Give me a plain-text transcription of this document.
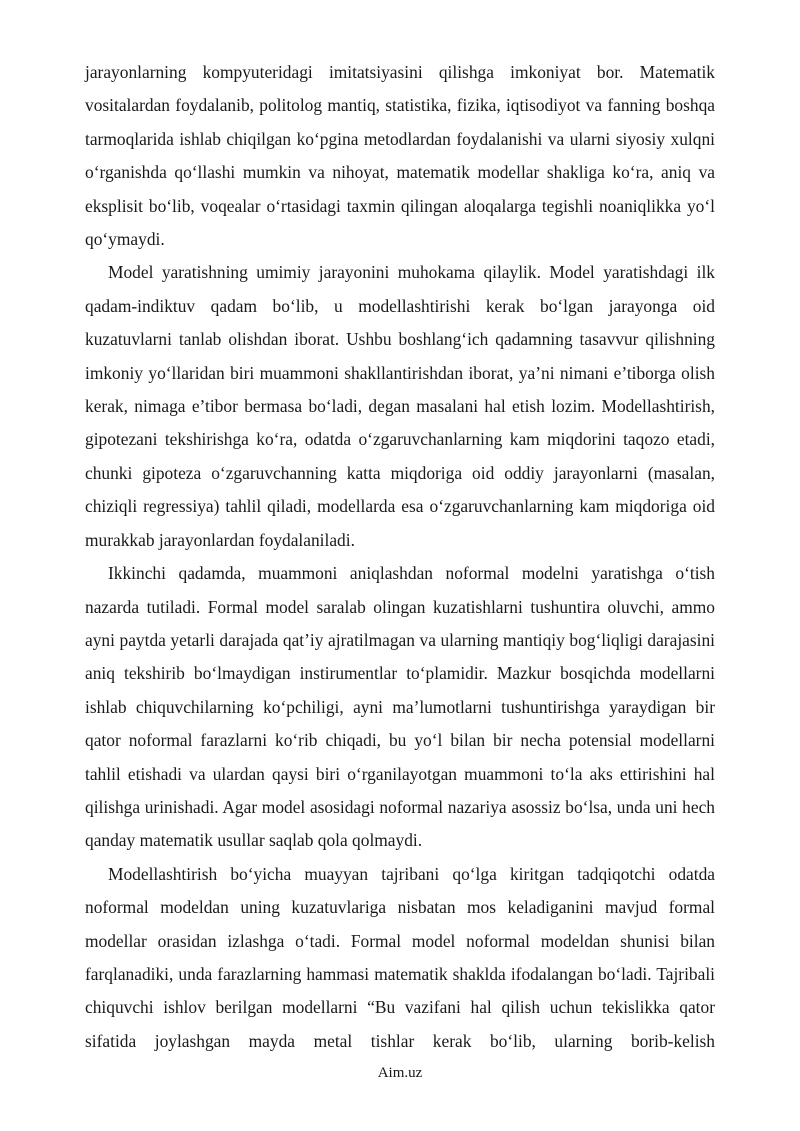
jarayonlarning kompyuteridagi imitatsiyasini qilishga imkoniyat bor. Matematik vositalardan foydalanib, politolog mantiq, statistika, fizika, iqtisodiyot va fanning boshqa tarmoqlarida ishlab chiqilgan ko‘pgina metodlardan foydalanishi va ularni siyosiy xulqni o‘rganishda qo‘llashi mumkin va nihoyat, matematik modellar shakliga ko‘ra, aniq va eksplisit bo‘lib, voqealar o‘rtasidagi taxmin qilingan aloqalarga tegishli noaniqlikka yo‘l qo‘ymaydi.

Model yaratishning umimiy jarayonini muhokama qilaylik. Model yaratishdagi ilk qadam-indiktuv qadam bo‘lib, u modellashtirishi kerak bo‘lgan jarayonga oid kuzatuvlarni tanlab olishdan iborat. Ushbu boshlang‘ich qadamning tasavvur qilishning imkoniy yo‘llaridan biri muammoni shakllantirishdan iborat, ya’ni nimani e’tiborga olish kerak, nimaga e’tibor bermasa bo‘ladi, degan masalani hal etish lozim. Modellashtirish, gipotezani tekshirishga ko‘ra, odatda o‘zgaruvchanlarning kam miqdorini taqozo etadi, chunki gipoteza o‘zgaruvchanning katta miqdoriga oid oddiy jarayonlarni (masalan, chiziqli regressiya) tahlil qiladi, modellarda esa o‘zgaruvchanlarning kam miqdoriga oid murakkab jarayonlardan foydalaniladi.

Ikkinchi qadamda, muammoni aniqlashdan noformal modelni yaratishga o‘tish nazarda tutiladi. Formal model saralab olingan kuzatishlarni tushuntira oluvchi, ammo ayni paytda yetarli darajada qat’iy ajratilmagan va ularning mantiqiy bog‘liqligi darajasini aniq tekshirib bo‘lmaydigan instirumentlar to‘plamidir. Mazkur bosqichda modellarni ishlab chiquvchilarning ko‘pchiligi, ayni ma’lumotlarni tushuntirishga yaraydigan bir qator noformal farazlarni ko‘rib chiqadi, bu yo‘l bilan bir necha potensial modellarni tahlil etishadi va ulardan qaysi biri o‘rganilayotgan muammoni to‘la aks ettirishini hal qilishga urinishadi. Agar model asosidagi noformal nazariya asossiz bo‘lsa, unda uni hech qanday matematik usullar saqlab qola qolmaydi.

Modellashtirish bo‘yicha muayyan tajribani qo‘lga kiritgan tadqiqotchi odatda noformal modeldan uning kuzatuvlariga nisbatan mos keladiganini mavjud formal modellar orasidan izlashga o‘tadi. Formal model noformal modeldan shunisi bilan farqlanadiki, unda farazlarning hammasi matematik shaklda ifodalangan bo‘ladi. Tajribali chiquvchi ishlov berilgan modellarni “Bu vazifani hal qilish uchun tekislikka qator sifatida joylashgan mayda metal tishlar kerak bo‘lib, ularning borib-kelish

Aim.uz
